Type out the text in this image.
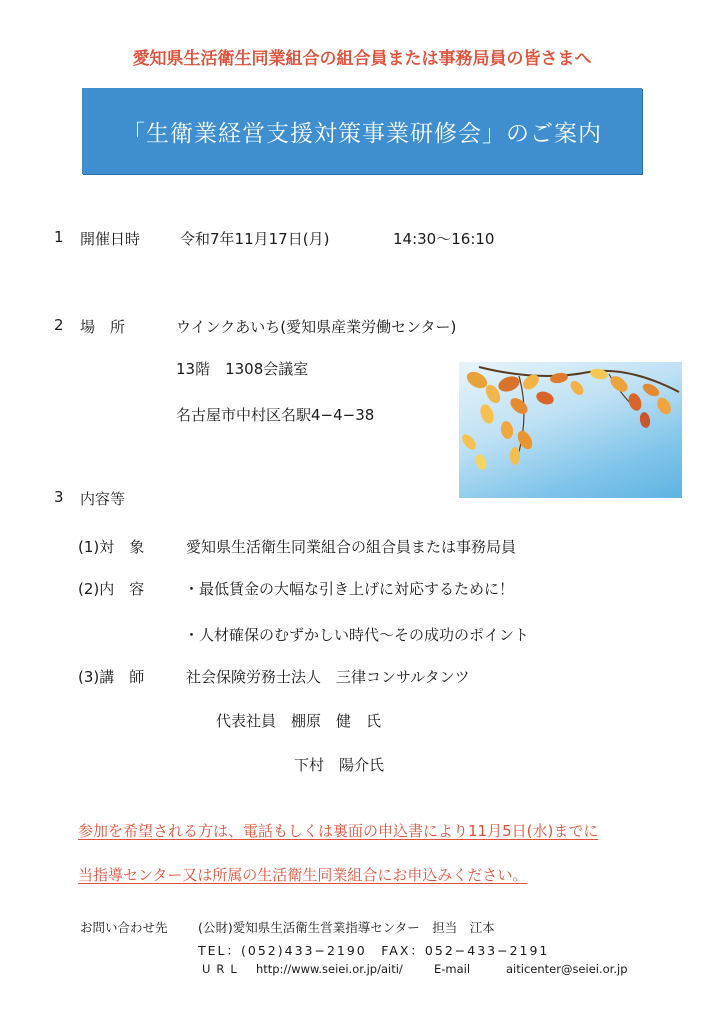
愛知県生活衛生同業組合の組合員または事務局員の皆さまへ
「生衛業経営支援対策事業研修会」のご案内
1 開催日時	令和7年11月17日(月)	14:30〜16:10
2 場　所	ウインクあいち(愛知県産業労働センター)
13階　1308会議室
名古屋市中村区名駅4−4−38
3 内容等
(1)対　象	愛知県生活衛生同業組合の組合員または事務局員
(2)内　容	・最低賃金の大幅な引き上げに対応するために！
・人材確保のむずかしい時代〜その成功のポイント
(3)講　師	社会保険労務士法人　三律コンサルタンツ
代表社員　棚原　健　氏
下村　陽介氏
参加を希望される方は、電話もしくは裏面の申込書により11月5日(水)までに
当指導センター又は所属の生活衛生同業組合にお申込みください。
お問い合わせ先 (公財)愛知県生活衛生営業指導センター　担当　江本
TEL：(052)433−2190　FAX：052−433−2191
URL http://www.seiei.or.jp/aiti/	E-mail	aiticenter@seiei.or.jp
